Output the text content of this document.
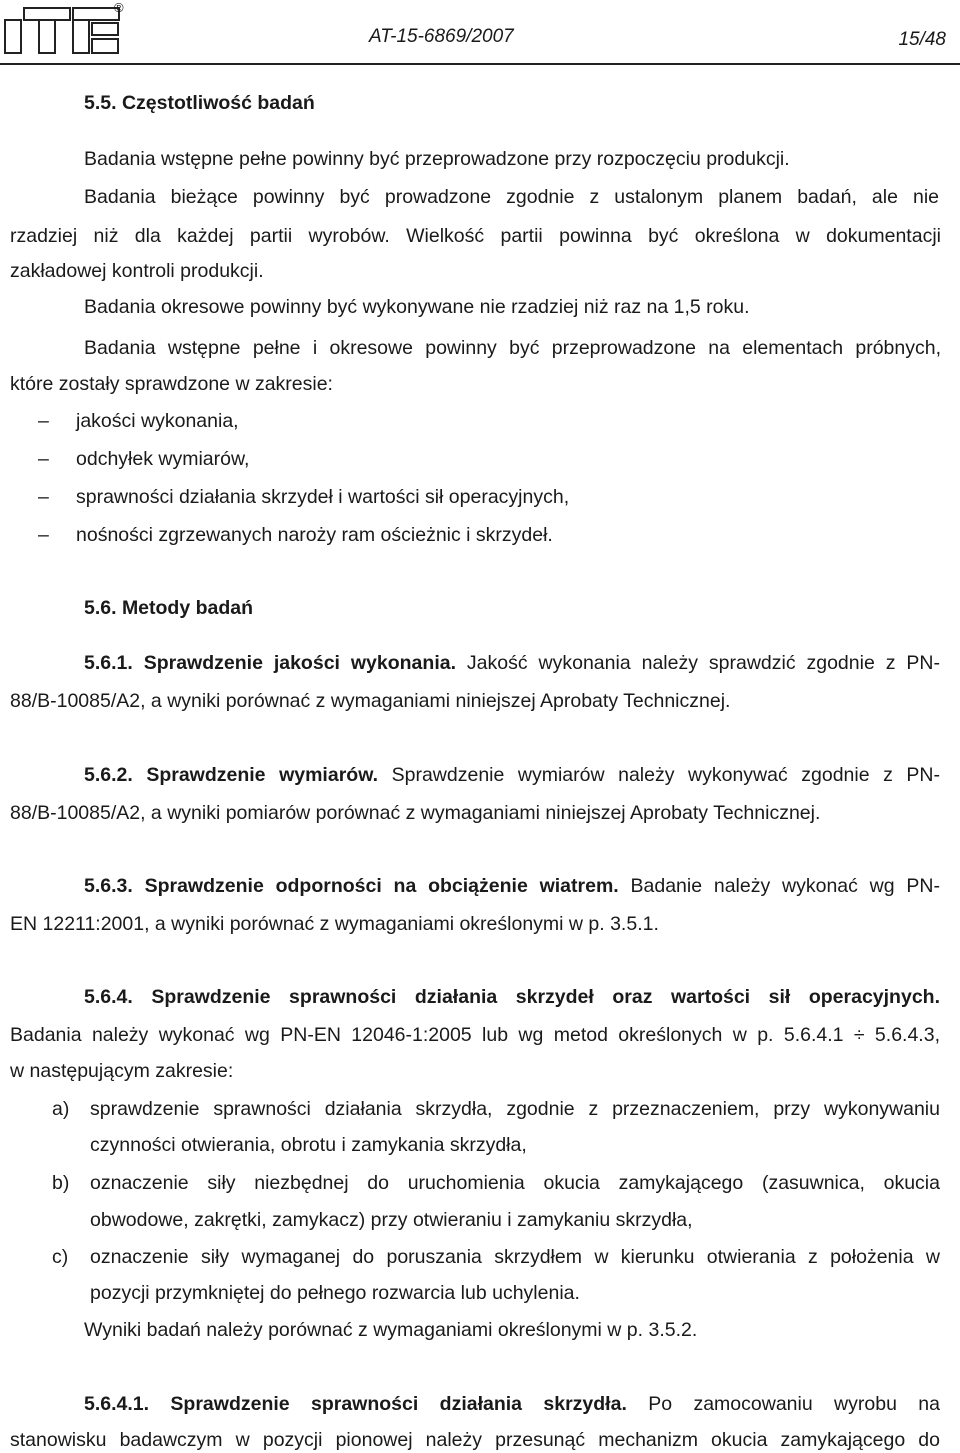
®
AT-15-6869/2007	15/48
5.5. Częstotliwość badań
Badania wstępne pełne powinny być przeprowadzone przy rozpoczęciu produkcji.
Badania bieżące powinny być prowadzone zgodnie z ustalonym planem badań, ale nie
rzadziej niż dla każdej partii wyrobów. Wielkość partii powinna być określona w dokumentacji
zakładowej kontroli produkcji.
Badania okresowe powinny być wykonywane nie rzadziej niż raz na 1,5 roku.
Badania wstępne pełne i okresowe powinny być przeprowadzone na elementach próbnych,
które zostały sprawdzone w zakresie:
– jakości wykonania,
– odchyłek wymiarów,
– sprawności działania skrzydeł i wartości sił operacyjnych,
– nośności zgrzewanych naroży ram ościeżnic i skrzydeł.
5.6. Metody badań
5.6.1. Sprawdzenie jakości wykonania. Jakość wykonania należy sprawdzić zgodnie z PN-
88/B-10085/A2, a wyniki porównać z wymaganiami niniejszej Aprobaty Technicznej.
5.6.2. Sprawdzenie wymiarów. Sprawdzenie wymiarów należy wykonywać zgodnie z PN-
88/B-10085/A2, a wyniki pomiarów porównać z wymaganiami niniejszej Aprobaty Technicznej.
5.6.3. Sprawdzenie odporności na obciążenie wiatrem. Badanie należy wykonać wg PN-
EN 12211:2001, a wyniki porównać z wymaganiami określonymi w p. 3.5.1.
5.6.4. Sprawdzenie sprawności działania skrzydeł oraz wartości sił operacyjnych.
Badania należy wykonać wg PN-EN 12046-1:2005 lub wg metod określonych w p. 5.6.4.1 ÷ 5.6.4.3,
w następującym zakresie:
a) sprawdzenie sprawności działania skrzydła, zgodnie z przeznaczeniem, przy wykonywaniu
czynności otwierania, obrotu i zamykania skrzydła,
b) oznaczenie siły niezbędnej do uruchomienia okucia zamykającego (zasuwnica, okucia
obwodowe, zakrętki, zamykacz) przy otwieraniu i zamykaniu skrzydła,
c) oznaczenie siły wymaganej do poruszania skrzydłem w kierunku otwierania z położenia w
pozycji przymkniętej do pełnego rozwarcia lub uchylenia.
Wyniki badań należy porównać z wymaganiami określonymi w p. 3.5.2.
5.6.4.1. Sprawdzenie sprawności działania skrzydła. Po zamocowaniu wyrobu na
stanowisku badawczym w pozycji pionowej należy przesunąć mechanizm okucia zamykającego do
